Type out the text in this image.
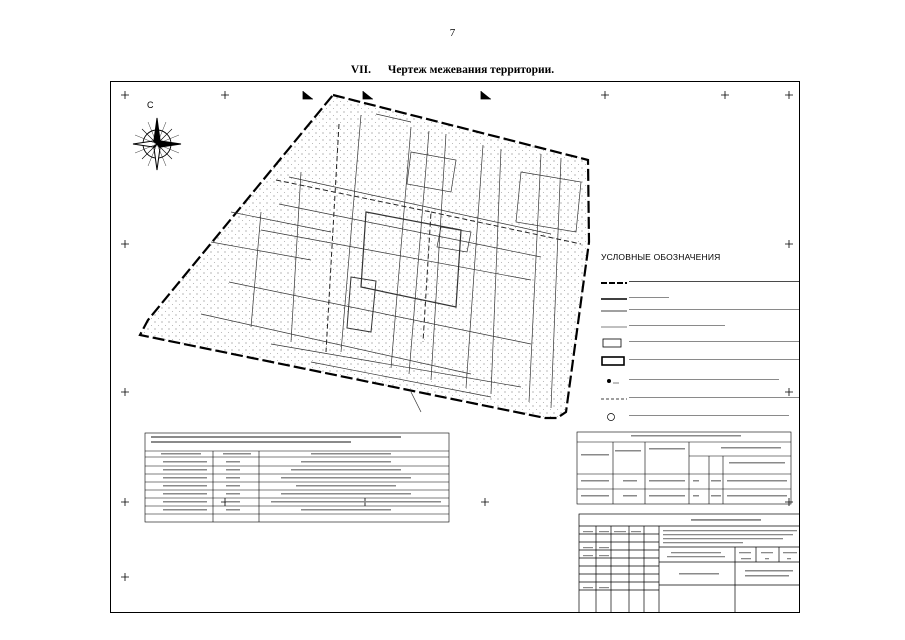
7
VII. Чертеж межевания территории.
С
УСЛОВНЫЕ ОБОЗНАЧЕНИЯ
